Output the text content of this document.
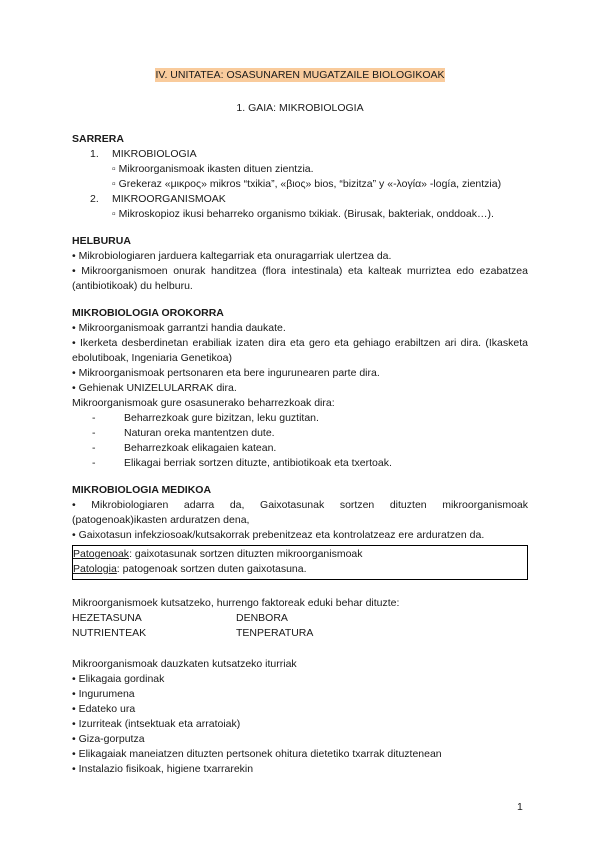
IV. UNITATEA: OSASUNAREN MUGATZAILE BIOLOGIKOAK
1. GAIA: MIKROBIOLOGIA
SARRERA
1.	MIKROBIOLOGIA
▫ Mikroorganismoak ikasten dituen zientzia.
▫ Grekeraz «μικρος» mikros “txikia”, «βιος» bios, “bizitza” y «-λογία» -logía, zientzia)
2.	MIKROORGANISMOAK
▫ Mikroskopioz ikusi beharreko organismo txikiak. (Birusak, bakteriak, onddoak…).
HELBURUA
• Mikrobiologiaren jarduera kaltegarriak eta onuragarriak ulertzea da.
• Mikroorganismoen onurak handitzea (flora intestinala) eta kalteak murriztea edo ezabatzea (antibiotikoak) du helburu.
MIKROBIOLOGIA OROKORRA
• Mikroorganismoak garrantzi handia daukate.
• Ikerketa desberdinetan erabiliak izaten dira eta gero eta gehiago erabiltzen ari dira. (Ikasketa ebolutiboak, Ingeniaria Genetikoa)
• Mikroorganismoak pertsonaren eta bere ingurunearen parte dira.
• Gehienak UNIZELULARRAK dira.
Mikroorganismoak gure osasunerako beharrezkoak dira:
-	Beharrezkoak gure bizitzan, leku guztitan.
-	Naturan oreka mantentzen dute.
-	Beharrezkoak elikagaien katean.
-	Elikagai berriak sortzen dituzte, antibiotikoak eta txertoak.
MIKROBIOLOGIA MEDIKOA
• Mikrobiologiaren adarra da, Gaixotasunak sortzen dituzten mikroorganismoak (patogenoak)ikasten arduratzen dena,
• Gaixotasun infekziosoak/kutsakorrak prebenitzeaz eta kontrolatzeaz ere arduratzen da.
Patogenoak: gaixotasunak sortzen dituzten mikroorganismoak
Patologia: patogenoak sortzen duten gaixotasuna.
Mikroorganismoek kutsatzeko, hurrengo faktoreak eduki behar dituzte:
HEZETASUNA	DENBORA
NUTRIENTEAK	TENPERATURA
Mikroorganismoak dauzkaten kutsatzeko iturriak
• Elikagaia gordinak
• Ingurumena
• Edateko ura
• Izurriteak (intsektuak eta arratoiak)
• Giza-gorputza
• Elikagaiak maneiatzen dituzten pertsonek ohitura dietetiko txarrak dituztenean
• Instalazio fisikoak, higiene txarrarekin
1
